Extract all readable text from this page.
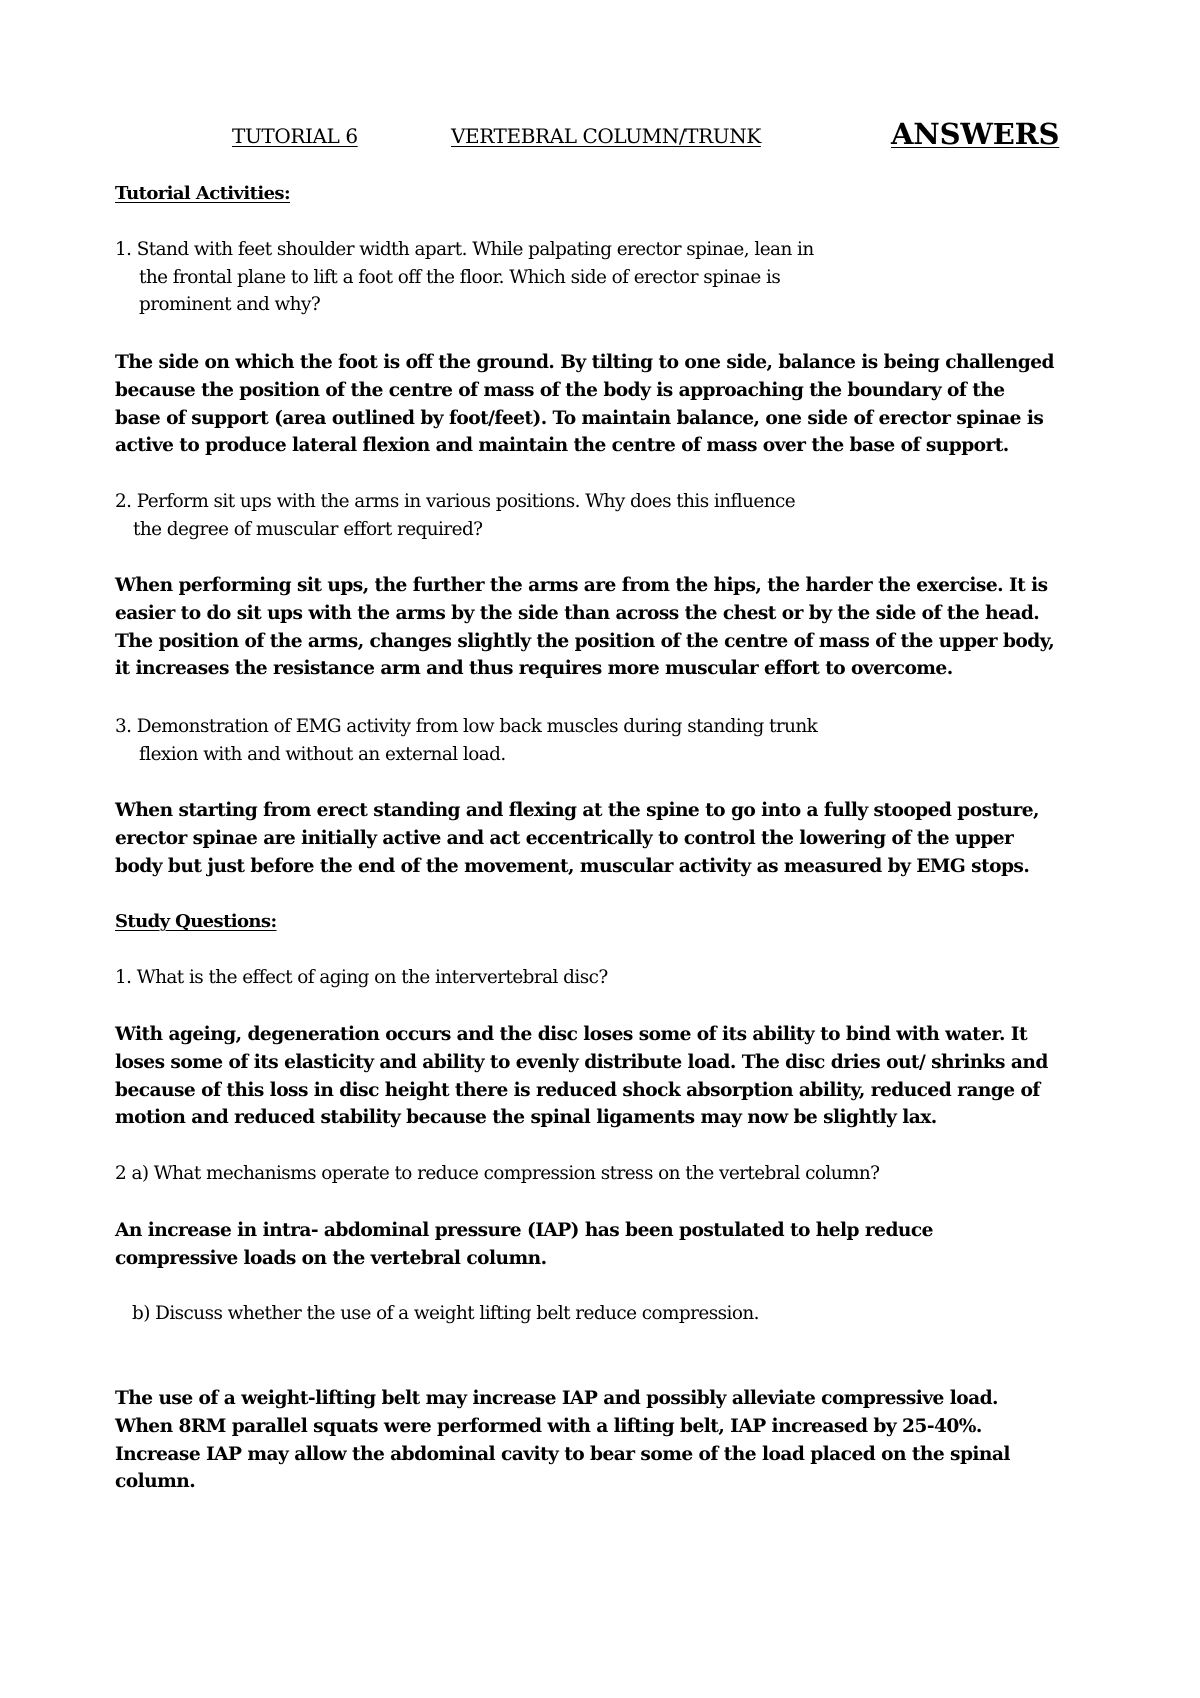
TUTORIAL 6	VERTEBRAL COLUMN/TRUNK	ANSWERS
Tutorial Activities:
1. Stand with feet shoulder width apart. While palpating erector spinae, lean in
the frontal plane to lift a foot off the floor. Which side of erector spinae is
prominent and why?
The side on which the foot is off the ground. By tilting to one side, balance is being challenged
because the position of the centre of mass of the body is approaching the boundary of the
base of support (area outlined by foot/feet). To maintain balance, one side of erector spinae is
active to produce lateral flexion and maintain the centre of mass over the base of support.
2. Perform sit ups with the arms in various positions. Why does this influence
the degree of muscular effort required?
When performing sit ups, the further the arms are from the hips, the harder the exercise. It is
easier to do sit ups with the arms by the side than across the chest or by the side of the head.
The position of the arms, changes slightly the position of the centre of mass of the upper body,
it increases the resistance arm and thus requires more muscular effort to overcome.
3. Demonstration of EMG activity from low back muscles during standing trunk
flexion with and without an external load.
When starting from erect standing and flexing at the spine to go into a fully stooped posture,
erector spinae are initially active and act eccentrically to control the lowering of the upper
body but just before the end of the movement, muscular activity as measured by EMG stops.
Study Questions:
1. What is the effect of aging on the intervertebral disc?
With ageing, degeneration occurs and the disc loses some of its ability to bind with water. It
loses some of its elasticity and ability to evenly distribute load. The disc dries out/ shrinks and
because of this loss in disc height there is reduced shock absorption ability, reduced range of
motion and reduced stability because the spinal ligaments may now be slightly lax.
2 a) What mechanisms operate to reduce compression stress on the vertebral column?
An increase in intra- abdominal pressure (IAP) has been postulated to help reduce
compressive loads on the vertebral column.
b) Discuss whether the use of a weight lifting belt reduce compression.
The use of a weight-lifting belt may increase IAP and possibly alleviate compressive load.
When 8RM parallel squats were performed with a lifting belt, IAP increased by 25-40%.
Increase IAP may allow the abdominal cavity to bear some of the load placed on the spinal
column.
